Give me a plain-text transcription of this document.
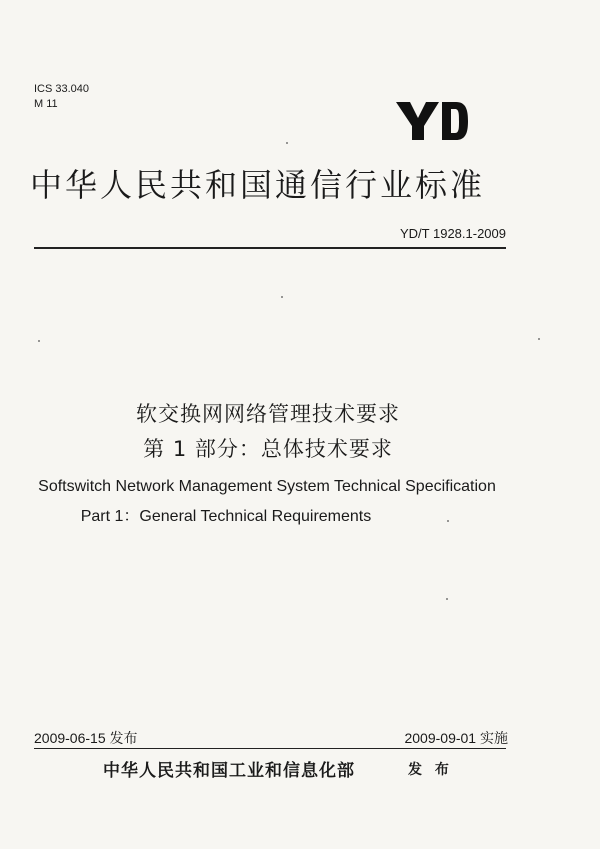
ICS 33.040
M 11
中华人民共和国通信行业标准
YD/T 1928.1-2009
软交换网网络管理技术要求
第 1 部分：总体技术要求
Softswitch Network Management System Technical Specification
Part 1：General Technical Requirements
2009-06-15 发布	2009-09-01 实施
中华人民共和国工业和信息化部	发 布
